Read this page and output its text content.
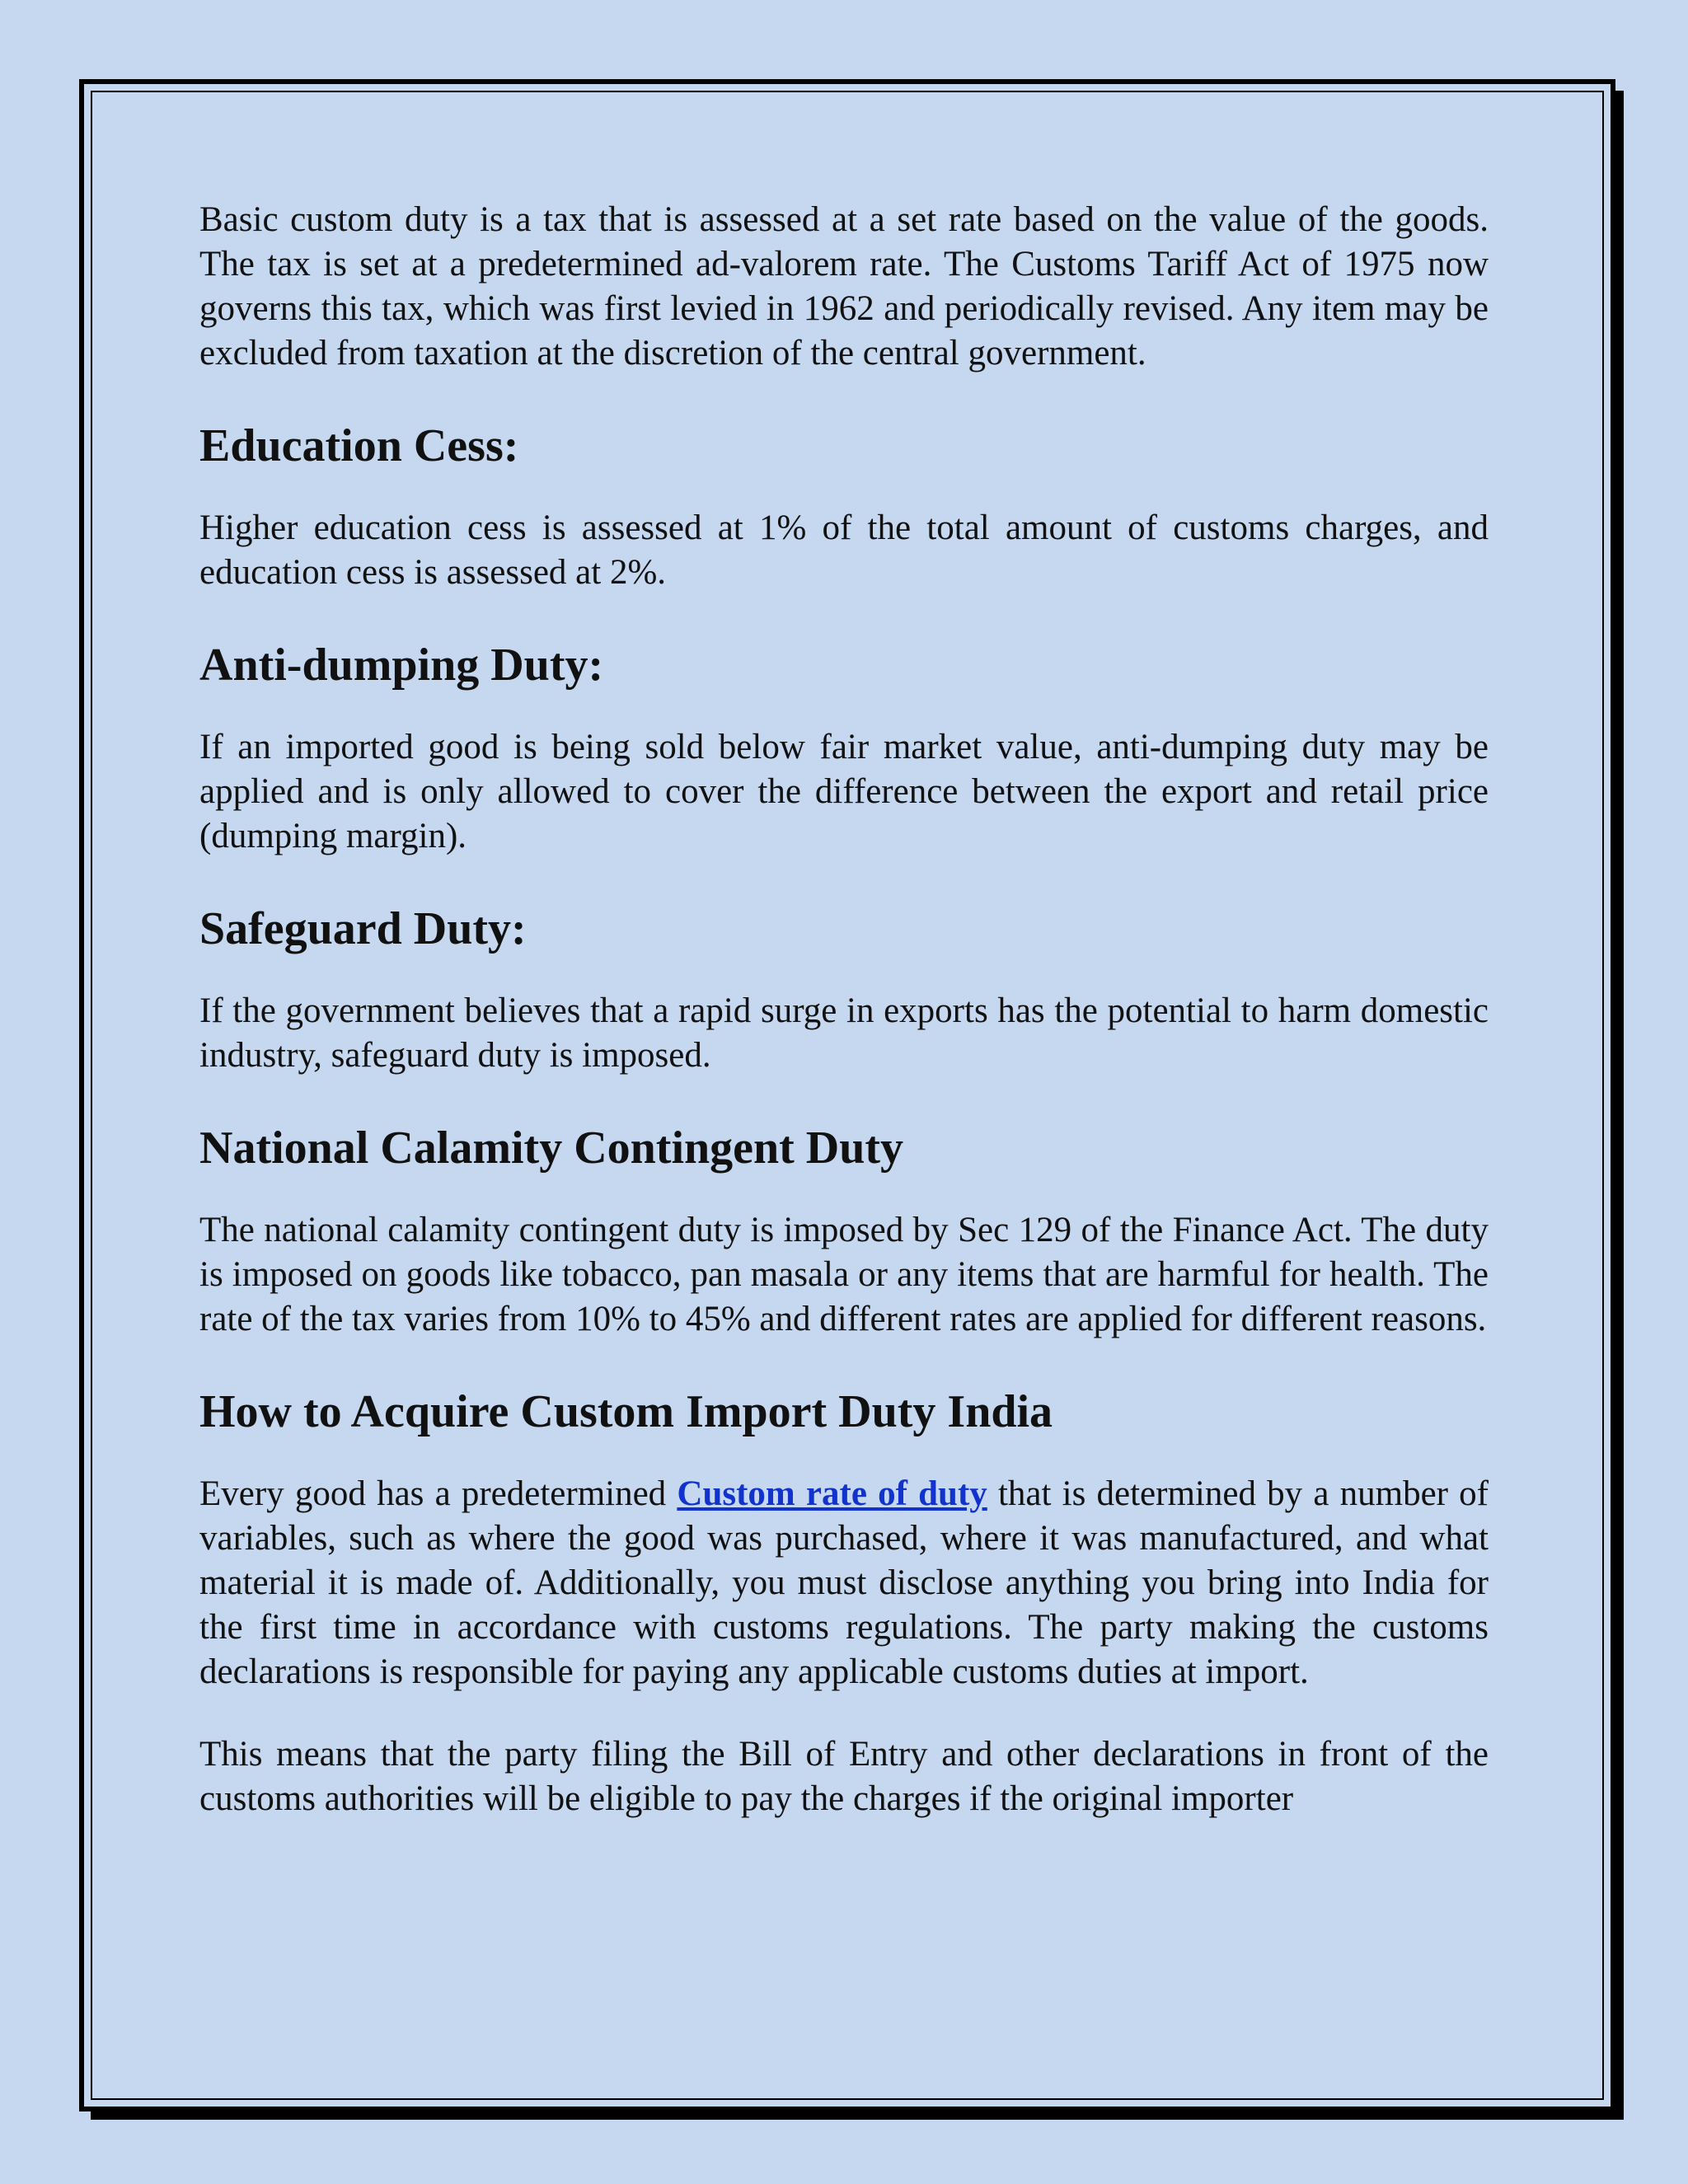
Basic custom duty is a tax that is assessed at a set rate based on the value of the goods. The tax is set at a predetermined ad-valorem rate. The Customs Tariff Act of 1975 now governs this tax, which was first levied in 1962 and periodically revised. Any item may be excluded from taxation at the discretion of the central government.

Education Cess:

Higher education cess is assessed at 1% of the total amount of customs charges, and education cess is assessed at 2%.

Anti-dumping Duty:

If an imported good is being sold below fair market value, anti-dumping duty may be applied and is only allowed to cover the difference between the export and retail price (dumping margin).

Safeguard Duty:

If the government believes that a rapid surge in exports has the potential to harm domestic industry, safeguard duty is imposed.

National Calamity Contingent Duty

The national calamity contingent duty is imposed by Sec 129 of the Finance Act. The duty is imposed on goods like tobacco, pan masala or any items that are harmful for health. The rate of the tax varies from 10% to 45% and different rates are applied for different reasons.

How to Acquire Custom Import Duty India

Every good has a predetermined Custom rate of duty that is determined by a number of variables, such as where the good was purchased, where it was manufactured, and what material it is made of. Additionally, you must disclose anything you bring into India for the first time in accordance with customs regulations. The party making the customs declarations is responsible for paying any applicable customs duties at import.

This means that the party filing the Bill of Entry and other declarations in front of the customs authorities will be eligible to pay the charges if the original importer
